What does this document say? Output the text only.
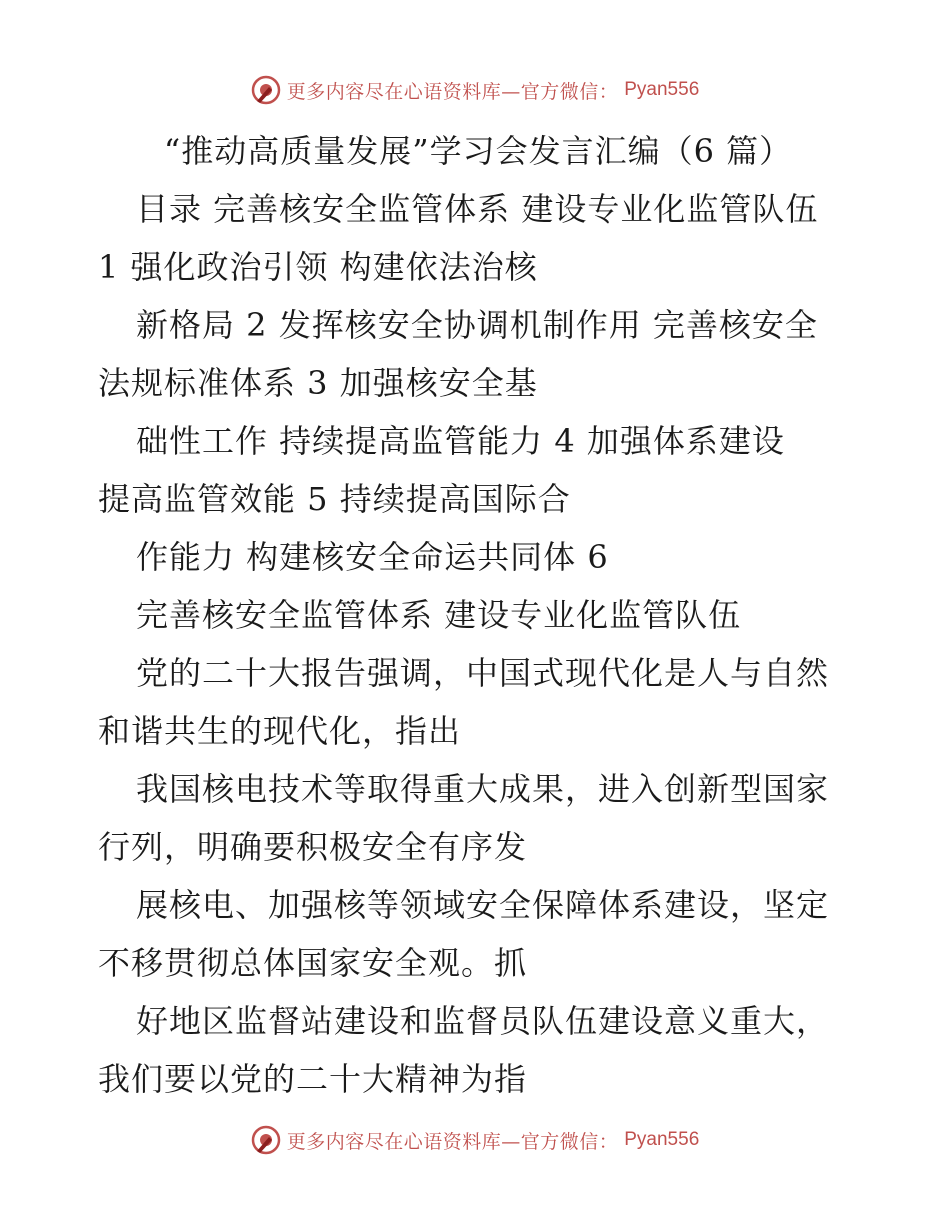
更多内容尽在心语资料库—官方微信： Pyan556
“推动高质量发展”学习会发言汇编（6 篇）
目录 完善核安全监管体系 建设专业化监管队伍
1 强化政治引领 构建依法治核
新格局 2 发挥核安全协调机制作用 完善核安全
法规标准体系 3 加强核安全基
础性工作 持续提高监管能力 4 加强体系建设
提高监管效能 5 持续提高国际合
作能力 构建核安全命运共同体 6
完善核安全监管体系 建设专业化监管队伍
党的二十大报告强调，中国式现代化是人与自然
和谐共生的现代化，指出
我国核电技术等取得重大成果，进入创新型国家
行列，明确要积极安全有序发
展核电、加强核等领域安全保障体系建设，坚定
不移贯彻总体国家安全观。抓
好地区监督站建设和监督员队伍建设意义重大，
我们要以党的二十大精神为指
更多内容尽在心语资料库—官方微信： Pyan556
